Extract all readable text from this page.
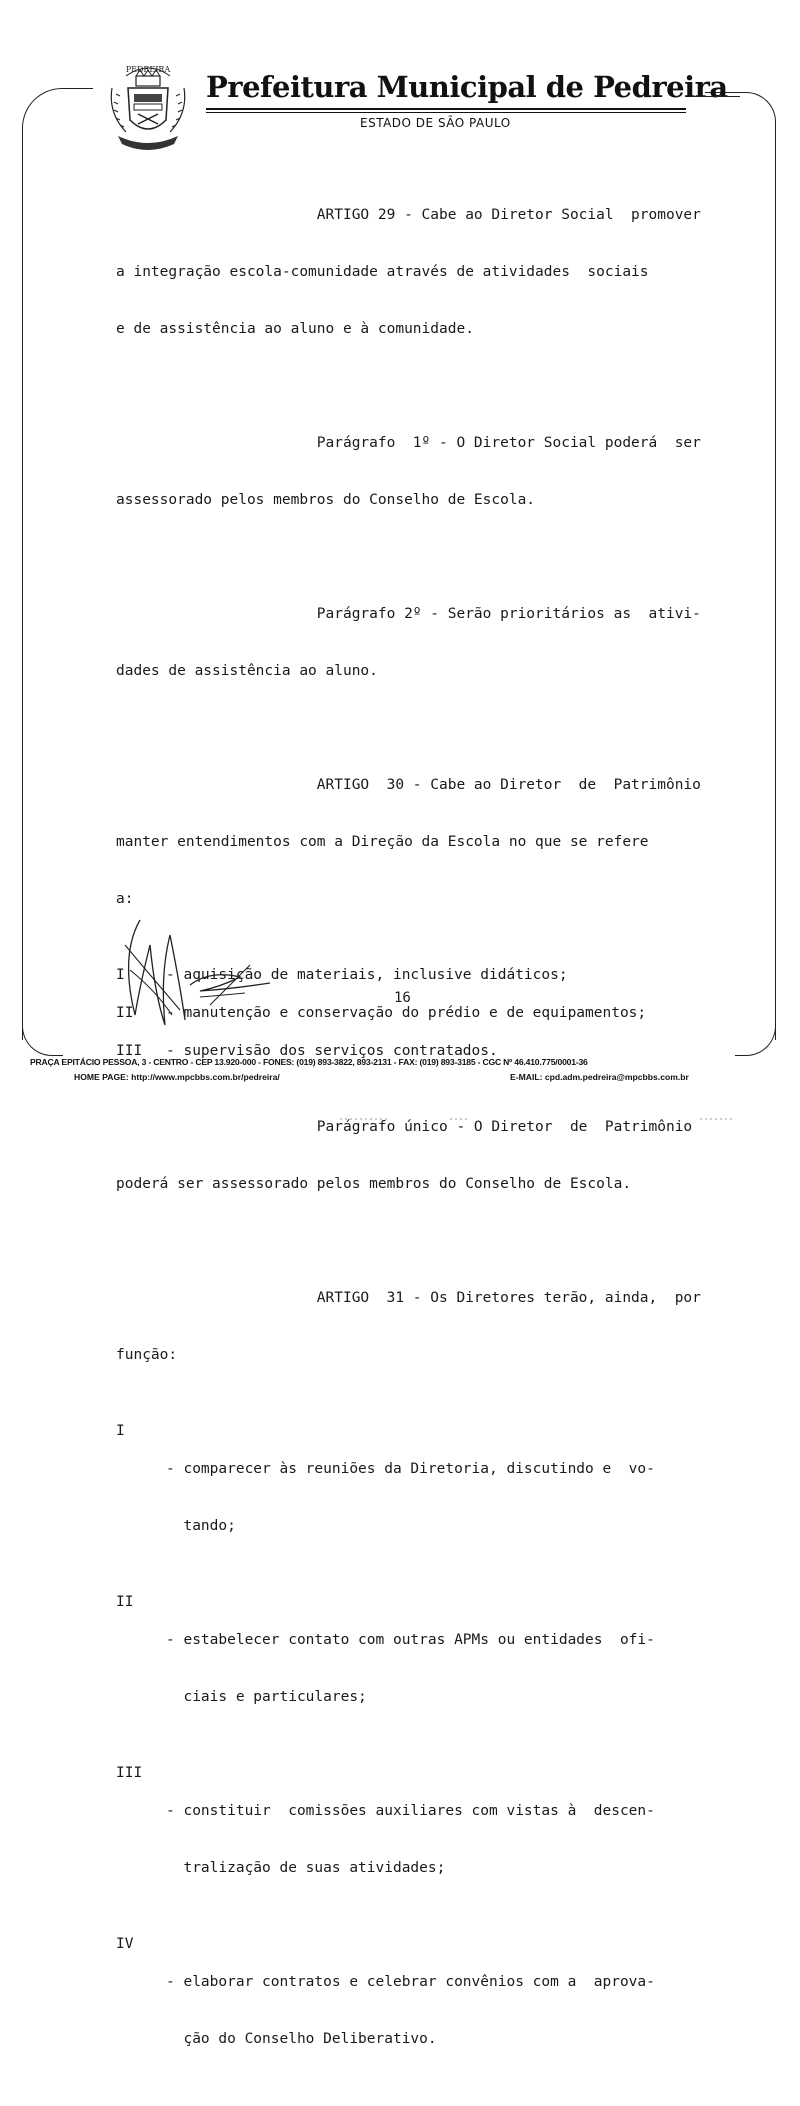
PEDREIRA
Prefeitura Municipal de Pedreira
ESTADO DE SÃO PAULO

ARTIGO 29 - Cabe ao Diretor Social  promover

a integração escola-comunidade através de atividades  sociais

e de assistência ao aluno e à comunidade.

Parágrafo  1º - O Diretor Social poderá  ser

assessorado pelos membros do Conselho de Escola.

Parágrafo 2º - Serão prioritários as  ativi-

dades de assistência ao aluno.

ARTIGO  30 - Cabe ao Diretor  de  Patrimônio

manter entendimentos com a Direção da Escola no que se refere

a:

I	- aquisição de materiais, inclusive didáticos;
II	- manutenção e conservação do prédio e de equipamentos;
III	- supervisão dos serviços contratados.

Parágrafo único - O Diretor  de  Patrimônio

poderá ser assessorado pelos membros do Conselho de Escola.

ARTIGO  31 - Os Diretores terão, ainda,  por

função:

I

- comparecer às reuniões da Diretoria, discutindo e  vo-

tando;

II

- estabelecer contato com outras APMs ou entidades  ofi-

ciais e particulares;

III

- constituir  comissões auxiliares com vistas à  descen-

tralização de suas atividades;

IV

- elaborar contratos e celebrar convênios com a  aprova-

ção do Conselho Deliberativo.

16
PRAÇA EPITÁCIO PESSOA, 3 - CENTRO - CEP 13.920-000 - FONES: (019) 893-3822, 893-2131 - FAX: (019) 893-3185 - CGC Nº 46.410.775/0001-36
HOME PAGE: http://www.mpcbbs.com.br/pedreira/	E-MAIL: cpd.adm.pedreira@mpcbbs.com.br
